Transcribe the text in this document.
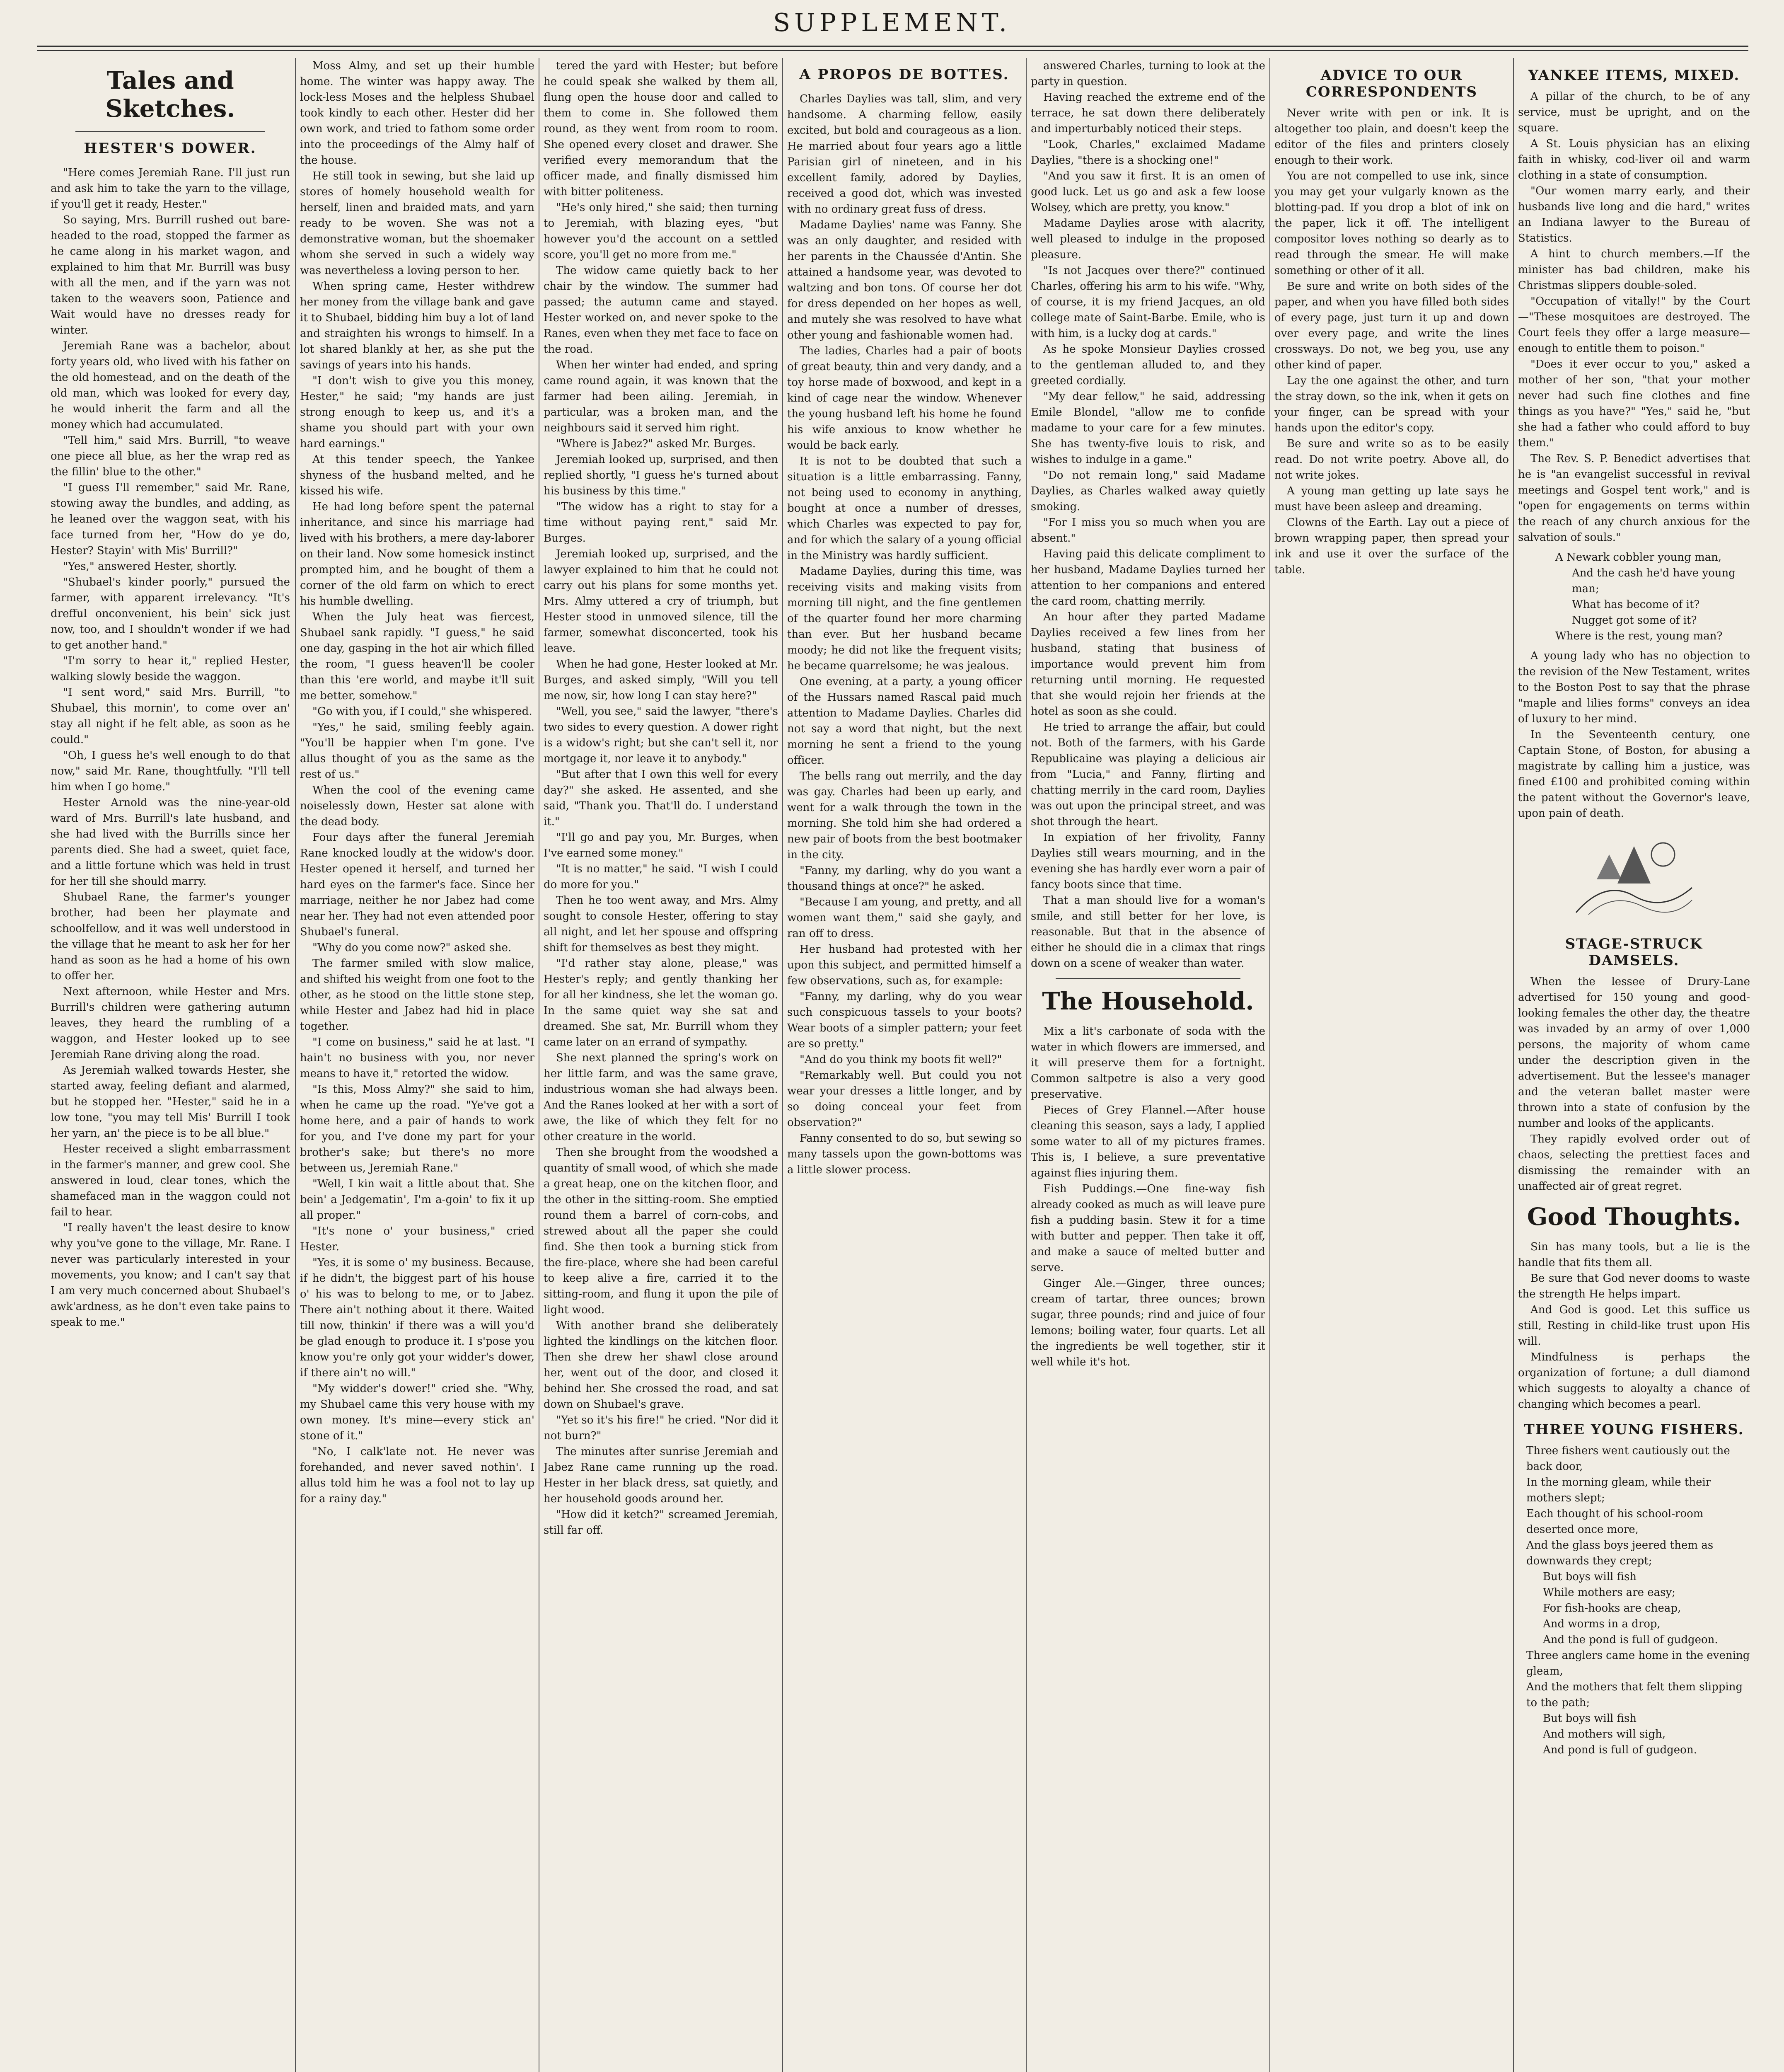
SUPPLEMENT.
Tales and Sketches.
HESTER'S DOWER.

"Here comes Jeremiah Rane. I'll just run and ask him to take the yarn to the village, if you'll get it ready, Hester."

So saying, Mrs. Burrill rushed out bare-headed to the road, stopped the farmer as he came along in his market wagon, and explained to him that Mr. Burrill was busy with all the men, and if the yarn was not taken to the weavers soon, Patience and Wait would have no dresses ready for winter.

Jeremiah Rane was a bachelor, about forty years old, who lived with his father on the old homestead, and on the death of the old man, which was looked for every day, he would inherit the farm and all the money which had accumulated.

"Tell him," said Mrs. Burrill, "to weave one piece all blue, as her the wrap red as the fillin' blue to the other."

"I guess I'll remember," said Mr. Rane, stowing away the bundles, and adding, as he leaned over the waggon seat, with his face turned from her, "How do ye do, Hester? Stayin' with Mis' Burrill?"

"Yes," answered Hester, shortly.

"Shubael's kinder poorly," pursued the farmer, with apparent irrelevancy. "It's drefful onconvenient, his bein' sick just now, too, and I shouldn't wonder if we had to get another hand."

"I'm sorry to hear it," replied Hester, walking slowly beside the waggon.

"I sent word," said Mrs. Burrill, "to Shubael, this mornin', to come over an' stay all night if he felt able, as soon as he could."

"Oh, I guess he's well enough to do that now," said Mr. Rane, thoughtfully. "I'll tell him when I go home."

Hester Arnold was the nine-year-old ward of Mrs. Burrill's late husband, and she had lived with the Burrills since her parents died. She had a sweet, quiet face, and a little fortune which was held in trust for her till she should marry.

Shubael Rane, the farmer's younger brother, had been her playmate and schoolfellow, and it was well understood in the village that he meant to ask her for her hand as soon as he had a home of his own to offer her.

Next afternoon, while Hester and Mrs. Burrill's children were gathering autumn leaves, they heard the rumbling of a waggon, and Hester looked up to see Jeremiah Rane driving along the road.

As Jeremiah walked towards Hester, she started away, feeling defiant and alarmed, but he stopped her. "Hester," said he in a low tone, "you may tell Mis' Burrill I took her yarn, an' the piece is to be all blue."

Hester received a slight embarrassment in the farmer's manner, and grew cool. She answered in loud, clear tones, which the shamefaced man in the waggon could not fail to hear.

"I really haven't the least desire to know why you've gone to the village, Mr. Rane. I never was particularly interested in your movements, you know; and I can't say that I am very much concerned about Shubael's awk'ardness, as he don't even take pains to speak to me."

Moss Almy, and set up their humble home. The winter was happy away. The lock-less Moses and the helpless Shubael took kindly to each other. Hester did her own work, and tried to fathom some order into the proceedings of the Almy half of the house.

He still took in sewing, but she laid up stores of homely household wealth for herself, linen and braided mats, and yarn ready to be woven. She was not a demonstrative woman, but the shoemaker whom she served in such a widely way was nevertheless a loving person to her.

When spring came, Hester withdrew her money from the village bank and gave it to Shubael, bidding him buy a lot of land and straighten his wrongs to himself. In a lot shared blankly at her, as she put the savings of years into his hands.

"I don't wish to give you this money, Hester," he said; "my hands are just strong enough to keep us, and it's a shame you should part with your own hard earnings."

At this tender speech, the Yankee shyness of the husband melted, and he kissed his wife.

He had long before spent the paternal inheritance, and since his marriage had lived with his brothers, a mere day-laborer on their land. Now some homesick instinct prompted him, and he bought of them a corner of the old farm on which to erect his humble dwelling.

When the July heat was fiercest, Shubael sank rapidly. "I guess," he said one day, gasping in the hot air which filled the room, "I guess heaven'll be cooler than this 'ere world, and maybe it'll suit me better, somehow."

"Go with you, if I could," she whispered.

"Yes," he said, smiling feebly again. "You'll be happier when I'm gone. I've allus thought of you as the same as the rest of us."

When the cool of the evening came noiselessly down, Hester sat alone with the dead body.

Four days after the funeral Jeremiah Rane knocked loudly at the widow's door. Hester opened it herself, and turned her hard eyes on the farmer's face. Since her marriage, neither he nor Jabez had come near her. They had not even attended poor Shubael's funeral.

"Why do you come now?" asked she.

The farmer smiled with slow malice, and shifted his weight from one foot to the other, as he stood on the little stone step, while Hester and Jabez had hid in place together.

"I come on business," said he at last. "I hain't no business with you, nor never means to have it," retorted the widow.

"Is this, Moss Almy?" she said to him, when he came up the road. "Ye've got a home here, and a pair of hands to work for you, and I've done my part for your brother's sake; but there's no more between us, Jeremiah Rane."

"Well, I kin wait a little about that. She bein' a Jedgematin', I'm a-goin' to fix it up all proper."

"It's none o' your business," cried Hester.

"Yes, it is some o' my business. Because, if he didn't, the biggest part of his house o' his was to belong to me, or to Jabez. There ain't nothing about it there. Waited till now, thinkin' if there was a will you'd be glad enough to produce it. I s'pose you know you're only got your widder's dower, if there ain't no will."

"My widder's dower!" cried she. "Why, my Shubael came this very house with my own money. It's mine—every stick an' stone of it."

"No, I calk'late not. He never was forehanded, and never saved nothin'. I allus told him he was a fool not to lay up for a rainy day."

tered the yard with Hester; but before he could speak she walked by them all, flung open the house door and called to them to come in. She followed them round, as they went from room to room. She opened every closet and drawer. She verified every memorandum that the officer made, and finally dismissed him with bitter politeness.

"He's only hired," she said; then turning to Jeremiah, with blazing eyes, "but however you'd the account on a settled score, you'll get no more from me."

The widow came quietly back to her chair by the window. The summer had passed; the autumn came and stayed. Hester worked on, and never spoke to the Ranes, even when they met face to face on the road.

When her winter had ended, and spring came round again, it was known that the farmer had been ailing. Jeremiah, in particular, was a broken man, and the neighbours said it served him right.

"Where is Jabez?" asked Mr. Burges.

Jeremiah looked up, surprised, and then replied shortly, "I guess he's turned about his business by this time."

"The widow has a right to stay for a time without paying rent," said Mr. Burges.

Jeremiah looked up, surprised, and the lawyer explained to him that he could not carry out his plans for some months yet. Mrs. Almy uttered a cry of triumph, but Hester stood in unmoved silence, till the farmer, somewhat disconcerted, took his leave.

When he had gone, Hester looked at Mr. Burges, and asked simply, "Will you tell me now, sir, how long I can stay here?"

"Well, you see," said the lawyer, "there's two sides to every question. A dower right is a widow's right; but she can't sell it, nor mortgage it, nor leave it to anybody."

"But after that I own this well for every day?" she asked. He assented, and she said, "Thank you. That'll do. I understand it."

"I'll go and pay you, Mr. Burges, when I've earned some money."

"It is no matter," he said. "I wish I could do more for you."

Then he too went away, and Mrs. Almy sought to console Hester, offering to stay all night, and let her spouse and offspring shift for themselves as best they might.

"I'd rather stay alone, please," was Hester's reply; and gently thanking her for all her kindness, she let the woman go. In the same quiet way she sat and dreamed. She sat, Mr. Burrill whom they came later on an errand of sympathy.

She next planned the spring's work on her little farm, and was the same grave, industrious woman she had always been. And the Ranes looked at her with a sort of awe, the like of which they felt for no other creature in the world.

Then she brought from the woodshed a quantity of small wood, of which she made a great heap, one on the kitchen floor, and the other in the sitting-room. She emptied round them a barrel of corn-cobs, and strewed about all the paper she could find. She then took a burning stick from the fire-place, where she had been careful to keep alive a fire, carried it to the sitting-room, and flung it upon the pile of light wood.

With another brand she deliberately lighted the kindlings on the kitchen floor. Then she drew her shawl close around her, went out of the door, and closed it behind her. She crossed the road, and sat down on Shubael's grave.

"Yet so it's his fire!" he cried. "Nor did it not burn?"

The minutes after sunrise Jeremiah and Jabez Rane came running up the road. Hester in her black dress, sat quietly, and her household goods around her.

"How did it ketch?" screamed Jeremiah, still far off.

A PROPOS DE BOTTES.

Charles Daylies was tall, slim, and very handsome. A charming fellow, easily excited, but bold and courageous as a lion. He married about four years ago a little Parisian girl of nineteen, and in his excellent family, adored by Daylies, received a good dot, which was invested with no ordinary great fuss of dress.

Madame Daylies' name was Fanny. She was an only daughter, and resided with her parents in the Chaussée d'Antin. She attained a handsome year, was devoted to waltzing and bon tons. Of course her dot for dress depended on her hopes as well, and mutely she was resolved to have what other young and fashionable women had.

The ladies, Charles had a pair of boots of great beauty, thin and very dandy, and a toy horse made of boxwood, and kept in a kind of cage near the window. Whenever the young husband left his home he found his wife anxious to know whether he would be back early.

It is not to be doubted that such a situation is a little embarrassing. Fanny, not being used to economy in anything, bought at once a number of dresses, which Charles was expected to pay for, and for which the salary of a young official in the Ministry was hardly sufficient.

Madame Daylies, during this time, was receiving visits and making visits from morning till night, and the fine gentlemen of the quarter found her more charming than ever. But her husband became moody; he did not like the frequent visits; he became quarrelsome; he was jealous.

One evening, at a party, a young officer of the Hussars named Rascal paid much attention to Madame Daylies. Charles did not say a word that night, but the next morning he sent a friend to the young officer.

The bells rang out merrily, and the day was gay. Charles had been up early, and went for a walk through the town in the morning. She told him she had ordered a new pair of boots from the best bootmaker in the city.

"Fanny, my darling, why do you want a thousand things at once?" he asked.

"Because I am young, and pretty, and all women want them," said she gayly, and ran off to dress.

Her husband had protested with her upon this subject, and permitted himself a few observations, such as, for example:

"Fanny, my darling, why do you wear such conspicuous tassels to your boots? Wear boots of a simpler pattern; your feet are so pretty."

"And do you think my boots fit well?"

"Remarkably well. But could you not wear your dresses a little longer, and by so doing conceal your feet from observation?"

Fanny consented to do so, but sewing so many tassels upon the gown-bottoms was a little slower process.

answered Charles, turning to look at the party in question.

Having reached the extreme end of the terrace, he sat down there deliberately and imperturbably noticed their steps.

"Look, Charles," exclaimed Madame Daylies, "there is a shocking one!"

"And you saw it first. It is an omen of good luck. Let us go and ask a few loose Wolsey, which are pretty, you know."

Madame Daylies arose with alacrity, well pleased to indulge in the proposed pleasure.

"Is not Jacques over there?" continued Charles, offering his arm to his wife. "Why, of course, it is my friend Jacques, an old college mate of Saint-Barbe. Emile, who is with him, is a lucky dog at cards."

As he spoke Monsieur Daylies crossed to the gentleman alluded to, and they greeted cordially.

"My dear fellow," he said, addressing Emile Blondel, "allow me to confide madame to your care for a few minutes. She has twenty-five louis to risk, and wishes to indulge in a game."

"Do not remain long," said Madame Daylies, as Charles walked away quietly smoking.

"For I miss you so much when you are absent."

Having paid this delicate compliment to her husband, Madame Daylies turned her attention to her companions and entered the card room, chatting merrily.

An hour after they parted Madame Daylies received a few lines from her husband, stating that business of importance would prevent him from returning until morning. He requested that she would rejoin her friends at the hotel as soon as she could.

He tried to arrange the affair, but could not. Both of the farmers, with his Garde Republicaine was playing a delicious air from "Lucia," and Fanny, flirting and chatting merrily in the card room, Daylies was out upon the principal street, and was shot through the heart.

In expiation of her frivolity, Fanny Daylies still wears mourning, and in the evening she has hardly ever worn a pair of fancy boots since that time.

That a man should live for a woman's smile, and still better for her love, is reasonable. But that in the absence of either he should die in a climax that rings down on a scene of weaker than water.

The Household.

Mix a lit's carbonate of soda with the water in which flowers are immersed, and it will preserve them for a fortnight. Common saltpetre is also a very good preservative.

Pieces of Grey Flannel.—After house cleaning this season, says a lady, I applied some water to all of my pictures frames. This is, I believe, a sure preventative against flies injuring them.

Fish Puddings.—One fine-way fish already cooked as much as will leave pure fish a pudding basin. Stew it for a time with butter and pepper. Then take it off, and make a sauce of melted butter and serve.

Ginger Ale.—Ginger, three ounces; cream of tartar, three ounces; brown sugar, three pounds; rind and juice of four lemons; boiling water, four quarts. Let all the ingredients be well together, stir it well while it's hot.

ADVICE TO OUR CORRESPONDENTS

Never write with pen or ink. It is altogether too plain, and doesn't keep the editor of the files and printers closely enough to their work.

You are not compelled to use ink, since you may get your vulgarly known as the blotting-pad. If you drop a blot of ink on the paper, lick it off. The intelligent compositor loves nothing so dearly as to read through the smear. He will make something or other of it all.

Be sure and write on both sides of the paper, and when you have filled both sides of every page, just turn it up and down over every page, and write the lines crossways. Do not, we beg you, use any other kind of paper.

Lay the one against the other, and turn the stray down, so the ink, when it gets on your finger, can be spread with your hands upon the editor's copy.

Be sure and write so as to be easily read. Do not write poetry. Above all, do not write jokes.

A young man getting up late says he must have been asleep and dreaming.

Clowns of the Earth. Lay out a piece of brown wrapping paper, then spread your ink and use it over the surface of the table.

YANKEE ITEMS, MIXED.

A pillar of the church, to be of any service, must be upright, and on the square.

A St. Louis physician has an elixing faith in whisky, cod-liver oil and warm clothing in a state of consumption.

"Our women marry early, and their husbands live long and die hard," writes an Indiana lawyer to the Bureau of Statistics.

A hint to church members.—If the minister has bad children, make his Christmas slippers double-soled.

"Occupation of vitally!" by the Court—"These mosquitoes are destroyed. The Court feels they offer a large measure—enough to entitle them to poison."

"Does it ever occur to you," asked a mother of her son, "that your mother never had such fine clothes and fine things as you have?" "Yes," said he, "but she had a father who could afford to buy them."

The Rev. S. P. Benedict advertises that he is "an evangelist successful in revival meetings and Gospel tent work," and is "open for engagements on terms within the reach of any church anxious for the salvation of souls."

A Newark cobbler young man,
And the cash he'd have young man;
What has become of it?
Nugget got some of it?
Where is the rest, young man?

A young lady who has no objection to the revision of the New Testament, writes to the Boston Post to say that the phrase "maple and lilies forms" conveys an idea of luxury to her mind.

In the Seventeenth century, one Captain Stone, of Boston, for abusing a magistrate by calling him a justice, was fined £100 and prohibited coming within the patent without the Governor's leave, upon pain of death.

STAGE-STRUCK DAMSELS.

When the lessee of Drury-Lane advertised for 150 young and good-looking females the other day, the theatre was invaded by an army of over 1,000 persons, the majority of whom came under the description given in the advertisement. But the lessee's manager and the veteran ballet master were thrown into a state of confusion by the number and looks of the applicants.

They rapidly evolved order out of chaos, selecting the prettiest faces and dismissing the remainder with an unaffected air of great regret.

Good Thoughts.

Sin has many tools, but a lie is the handle that fits them all.

Be sure that God never dooms to waste the strength He helps impart.

And God is good. Let this suffice us still, Resting in child-like trust upon His will.

Mindfulness is perhaps the organization of fortune; a dull diamond which suggests to aloyalty a chance of changing which becomes a pearl.

THREE YOUNG FISHERS.
Three fishers went cautiously out the back door,
In the morning gleam, while their mothers slept;
Each thought of his school-room deserted once more,
And the glass boys jeered them as downwards they crept;
But boys will fish
While mothers are easy;
For fish-hooks are cheap,
And worms in a drop,
And the pond is full of gudgeon.
Three anglers came home in the evening gleam,
And the mothers that felt them slipping to the path;
But boys will fish
And mothers will sigh,
And pond is full of gudgeon.
